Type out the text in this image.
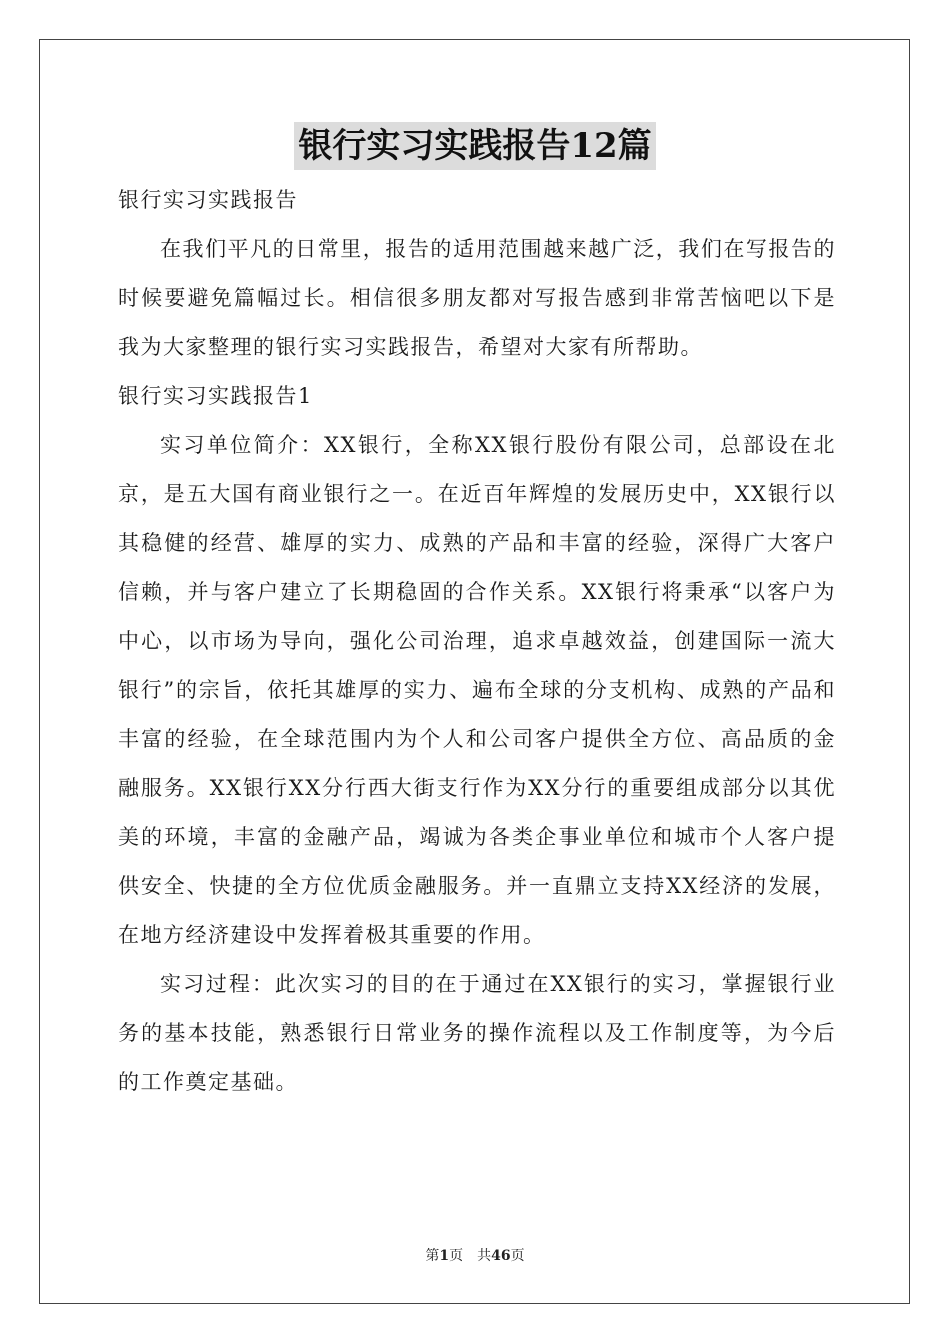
银行实习实践报告12篇

银行实习实践报告

在我们平凡的日常里，报告的适用范围越来越广泛，我们在写报告的时候要避免篇幅过长。相信很多朋友都对写报告感到非常苦恼吧以下是我为大家整理的银行实习实践报告，希望对大家有所帮助。

银行实习实践报告1

实习单位简介：XX银行，全称XX银行股份有限公司，总部设在北京，是五大国有商业银行之一。在近百年辉煌的发展历史中，XX银行以其稳健的经营、雄厚的实力、成熟的产品和丰富的经验，深得广大客户信赖，并与客户建立了长期稳固的合作关系。XX银行将秉承“以客户为中心，以市场为导向，强化公司治理，追求卓越效益，创建国际一流大银行”的宗旨，依托其雄厚的实力、遍布全球的分支机构、成熟的产品和丰富的经验，在全球范围内为个人和公司客户提供全方位、高品质的金融服务。XX银行XX分行西大街支行作为XX分行的重要组成部分以其优美的环境，丰富的金融产品，竭诚为各类企事业单位和城市个人客户提供安全、快捷的全方位优质金融服务。并一直鼎立支持XX经济的发展，在地方经济建设中发挥着极其重要的作用。

实习过程：此次实习的目的在于通过在XX银行的实习，掌握银行业务的基本技能，熟悉银行日常业务的操作流程以及工作制度等，为今后的工作奠定基础。

第1页 共46页
